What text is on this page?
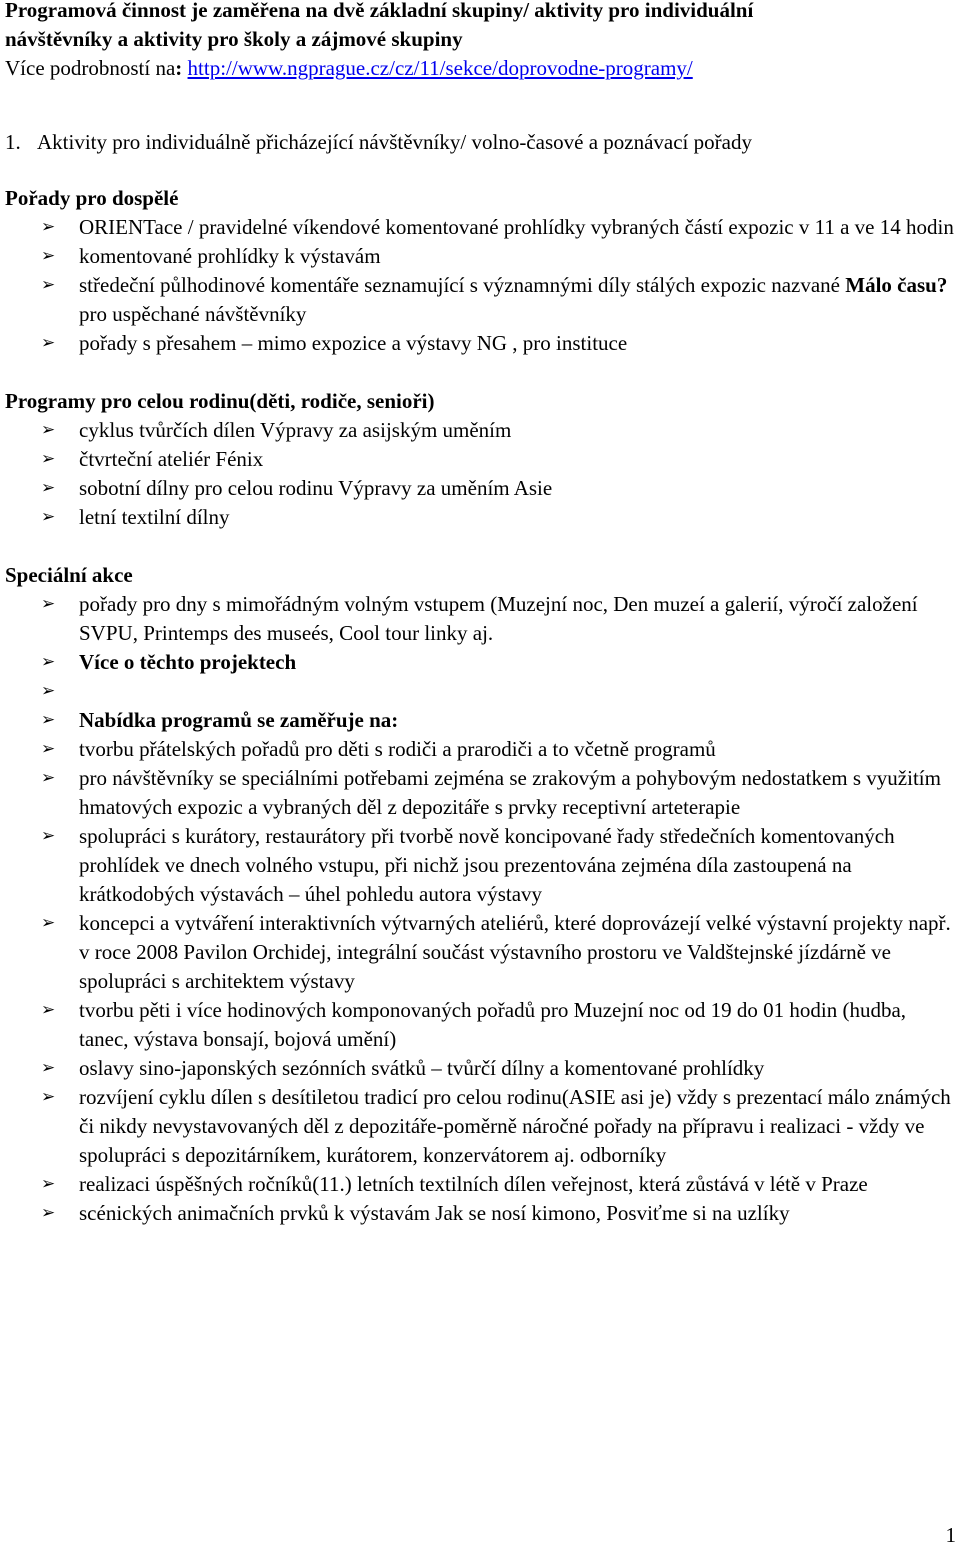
Programová činnost je zaměřena na dvě základní skupiny/ aktivity pro individuální
návštěvníky a aktivity pro školy a zájmové skupiny
Více podrobností na: http://www.ngprague.cz/cz/11/sekce/doprovodne-programy/
1. Aktivity pro individuálně přicházející návštěvníky/ volno-časové a poznávací pořady
Pořady pro dospělé
➢ ORIENTace / pravidelné víkendové komentované prohlídky vybraných částí expozic v 11 a ve 14 hodin
➢ komentované prohlídky k výstavám
➢ středeční půlhodinové komentáře seznamující s významnými díly stálých expozic nazvané Málo času? pro uspěchané návštěvníky
➢ pořady s přesahem – mimo expozice a výstavy NG , pro instituce
Programy pro celou rodinu(děti, rodiče, senioři)
➢ cyklus tvůrčích dílen Výpravy za asijským uměním
➢ čtvrteční ateliér Fénix
➢ sobotní dílny pro celou rodinu Výpravy za uměním Asie
➢ letní textilní dílny
Speciální akce
➢ pořady pro dny s mimořádným volným vstupem (Muzejní noc, Den muzeí a galerií, výročí založení SVPU, Printemps des museés, Cool tour linky aj.
➢ Více o těchto projektech
➢

➢ Nabídka programů se zaměřuje na:
➢ tvorbu přátelských pořadů pro děti s rodiči a prarodiči a to včetně programů
➢ pro návštěvníky se speciálními potřebami zejména se zrakovým a pohybovým nedostatkem s využitím hmatových expozic a vybraných děl z depozitáře s prvky receptivní arteterapie
➢ spolupráci s kurátory, restaurátory při tvorbě nově koncipované řady středečních komentovaných prohlídek ve dnech volného vstupu, při nichž jsou prezentována zejména díla zastoupená na krátkodobých výstavách – úhel pohledu autora výstavy
➢ koncepci a vytváření interaktivních výtvarných ateliérů, které doprovázejí velké výstavní projekty např. v roce 2008 Pavilon Orchidej, integrální součást výstavního prostoru ve Valdštejnské jízdárně ve spolupráci s architektem výstavy
➢ tvorbu pěti i více hodinových komponovaných pořadů pro Muzejní noc od 19 do 01 hodin (hudba, tanec, výstava bonsají, bojová umění)
➢ oslavy sino-japonských sezónních svátků – tvůrčí dílny a komentované prohlídky
➢ rozvíjení cyklu dílen s desítiletou tradicí pro celou rodinu(ASIE asi je) vždy s prezentací málo známých či nikdy nevystavovaných děl z depozitáře-poměrně náročné pořady na přípravu i realizaci - vždy ve spolupráci s depozitárníkem, kurátorem, konzervátorem aj. odborníky
➢ realizaci úspěšných ročníků(11.) letních textilních dílen veřejnost, která zůstává v létě v Praze
➢ scénických animačních prvků k výstavám Jak se nosí kimono, Posviťme si na uzlíky
1
